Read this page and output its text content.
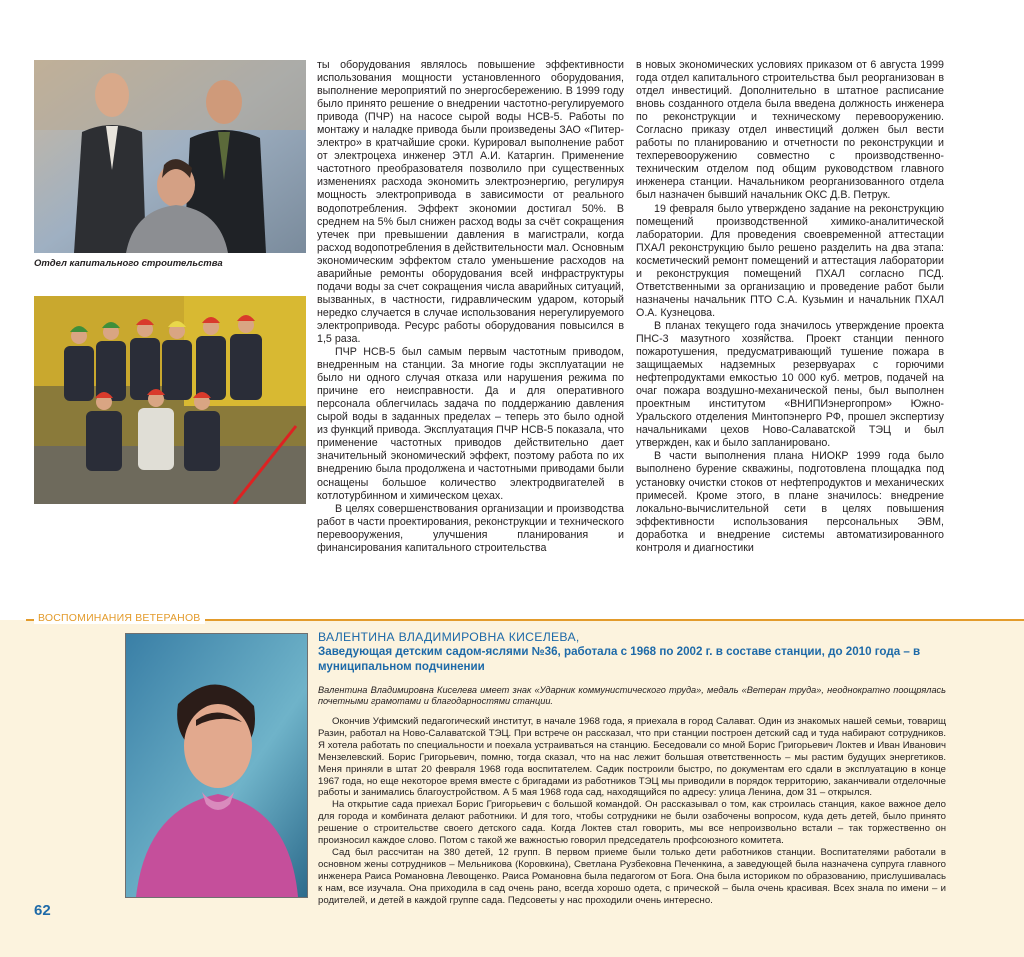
Отдел капитального строительства

ты оборудования являлось повышение эффективности использования мощности установленного оборудования, выполнение мероприятий по энергосбережению. В 1999 году было принято решение о внедрении частотно-регулируемого привода (ПЧР) на насосе сырой воды НСВ-5. Работы по монтажу и наладке привода были произведены ЗАО «Питер-электро» в кратчайшие сроки. Курировал выполнение работ от электроцеха инженер ЭТЛ А.И. Катаргин. Применение частотного преобразователя позволило при существенных изменениях расхода экономить электроэнергию, регулируя мощность электропривода в зависимости от реального водопотребления. Эффект экономии достигал 50%. В среднем на 5% был снижен расход воды за счёт сокращения утечек при превышении давления в магистрали, когда расход водопотребления в действительности мал. Основным экономическим эффектом стало уменьшение расходов на аварийные ремонты оборудования всей инфраструктуры подачи воды за счет сокращения числа аварийных ситуаций, вызванных, в частности, гидравлическим ударом, который нередко случается в случае использования нерегулируемого электропривода. Ресурс работы оборудования повысился в 1,5 раза.

ПЧР НСВ-5 был самым первым частотным приводом, внедренным на станции. За многие годы эксплуатации не было ни одного случая отказа или нарушения режима по причине его неисправности. Да и для оперативного персонала облегчилась задача по поддержанию давления сырой воды в заданных пределах – теперь это было одной из функций привода. Эксплуатация ПЧР НСВ-5 показала, что применение частотных приводов действительно дает значительный экономический эффект, поэтому работа по их внедрению была продолжена и частотными приводами были оснащены большое количество электродвигателей в котлотурбинном и химическом цехах.

В целях совершенствования организации и производства работ в части проектирования, реконструкции и технического перевооружения, улучшения планирования и финансирования капитального строительства

в новых экономических условиях приказом от 6 августа 1999 года отдел капитального строительства был реорганизован в отдел инвестиций. Дополнительно в штатное расписание вновь созданного отдела была введена должность инженера по реконструкции и техническому перевооружению. Согласно приказу отдел инвестиций должен был вести работы по планированию и отчетности по реконструкции и техперевооружению совместно с производственно-техническим отделом под общим руководством главного инженера станции. Начальником реорганизованного отдела был назначен бывший начальник ОКС Д.В. Петрук.

19 февраля было утверждено задание на реконструкцию помещений производственной химико-аналитической лаборатории. Для проведения своевременной аттестации ПХАЛ реконструкцию было решено разделить на два этапа: косметический ремонт помещений и аттестация лаборатории и реконструкция помещений ПХАЛ согласно ПСД. Ответственными за организацию и проведение работ были назначены начальник ПТО С.А. Кузьмин и начальник ПХАЛ О.А. Кузнецова.

В планах текущего года значилось утверждение проекта ПНС-3 мазутного хозяйства. Проект станции пенного пожаротушения, предусматривающий тушение пожара в защищаемых надземных резервуарах с горючими нефтепродуктами емкостью 10 000 куб. метров, подачей на очаг пожара воздушно-механической пены, был выполнен проектным институтом «ВНИПИэнергопром» Южно-Уральского отделения Минтопэнерго РФ, прошел экспертизу начальниками цехов Ново-Салаватской ТЭЦ и был утвержден, как и было запланировано.

В части выполнения плана НИОКР 1999 года было выполнено бурение скважины, подготовлена площадка под установку очистки стоков от нефтепродуктов и механических примесей. Кроме этого, в плане значилось: внедрение локально-вычислительной сети в целях повышения эффективности использования персональных ЭВМ, доработка и внедрение системы автоматизированного контроля и диагностики

ВОСПОМИНАНИЯ ВЕТЕРАНОВ
ВАЛЕНТИНА ВЛАДИМИРОВНА КИСЕЛЕВА,
Заведующая детским садом-яслями №36, работала с 1968 по 2002 г. в составе станции, до 2010 года – в муниципальном подчинении
Валентина Владимировна Киселева имеет знак «Ударник коммунистического труда», медаль «Ветеран труда», неоднократно поощрялась почетными грамотами и благодарностями станции.

Окончив Уфимский педагогический институт, в начале 1968 года, я приехала в город Салават. Один из знакомых нашей семьи, товарищ Разин, работал на Ново-Салаватской ТЭЦ. При встрече он рассказал, что при станции построен детский сад и туда набирают сотрудников. Я хотела работать по специальности и поехала устраиваться на станцию. Беседовали со мной Борис Григорьевич Локтев и Иван Иванович Мензелевский. Борис Григорьевич, помню, тогда сказал, что на нас лежит большая ответственность – мы растим будущих энергетиков. Меня приняли в штат 20 февраля 1968 года воспитателем. Садик построили быстро, по документам его сдали в эксплуатацию в конце 1967 года, но еще некоторое время вместе с бригадами из работников ТЭЦ мы приводили в порядок территорию, заканчивали отделочные работы и занимались благоустройством. А 5 мая 1968 года сад, находящийся по адресу: улица Ленина, дом 31 – открылся.

На открытие сада приехал Борис Григорьевич с большой командой. Он рассказывал о том, как строилась станция, какое важное дело для города и комбината делают работники. И для того, чтобы сотрудники не были озабочены вопросом, куда деть детей, было принято решение о строительстве своего детского сада. Когда Локтев стал говорить, мы все непроизвольно встали – так торжественно он произносил каждое слово. Потом с такой же важностью говорил председатель профсоюзного комитета.

Сад был рассчитан на 380 детей, 12 групп. В первом приеме были только дети работников станции. Воспитателями работали в основном жены сотрудников – Мельникова (Коровкина), Светлана Рузбековна Печенкина, а заведующей была назначена супруга главного инженера Раиса Романовна Левощенко. Раиса Романовна была педагогом от Бога. Она была историком по образованию, прислушивалась к нам, все изучала. Она приходила в сад очень рано, всегда хорошо одета, с прической – была очень красивая. Всех знала по имени – и родителей, и детей в каждой группе сада. Педсоветы у нас проходили очень интересно.

62
